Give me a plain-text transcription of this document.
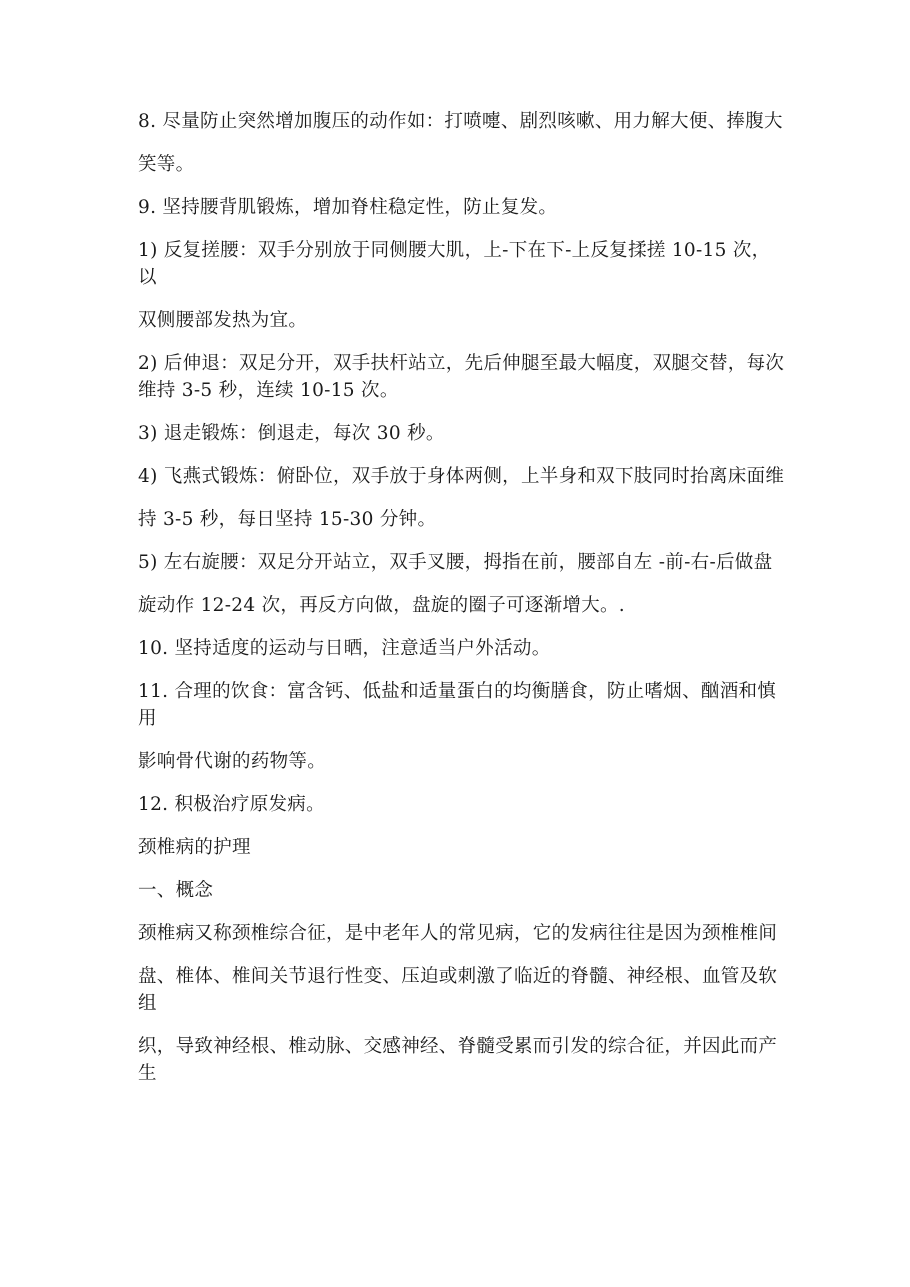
8. 尽量防止突然增加腹压的动作如：打喷嚏、剧烈咳嗽、用力解大便、捧腹大

笑等。

9. 坚持腰背肌锻炼，增加脊柱稳定性，防止复发。

1) 反复搓腰：双手分别放于同侧腰大肌，上-下在下-上反复揉搓 10-15 次，以

双侧腰部发热为宜。

2) 后伸退：双足分开，双手扶杆站立，先后伸腿至最大幅度，双腿交替，每次维持 3-5 秒，连续 10-15 次。

3) 退走锻炼：倒退走，每次 30 秒。

4) 飞燕式锻炼：俯卧位，双手放于身体两侧，上半身和双下肢同时抬离床面维

持 3-5 秒，每日坚持 15-30 分钟。

5) 左右旋腰：双足分开站立，双手叉腰，拇指在前，腰部自左 -前-右-后做盘

旋动作 12-24 次，再反方向做，盘旋的圈子可逐渐增大。.

10. 坚持适度的运动与日晒，注意适当户外活动。

11. 合理的饮食：富含钙、低盐和适量蛋白的均衡膳食，防止嗜烟、酗酒和慎用

影响骨代谢的药物等。

12. 积极治疗原发病。

颈椎病的护理

一、概念

颈椎病又称颈椎综合征，是中老年人的常见病，它的发病往往是因为颈椎椎间

盘、椎体、椎间关节退行性变、压迫或刺激了临近的脊髓、神经根、血管及软组

织，导致神经根、椎动脉、交感神经、脊髓受累而引发的综合征，并因此而产生
